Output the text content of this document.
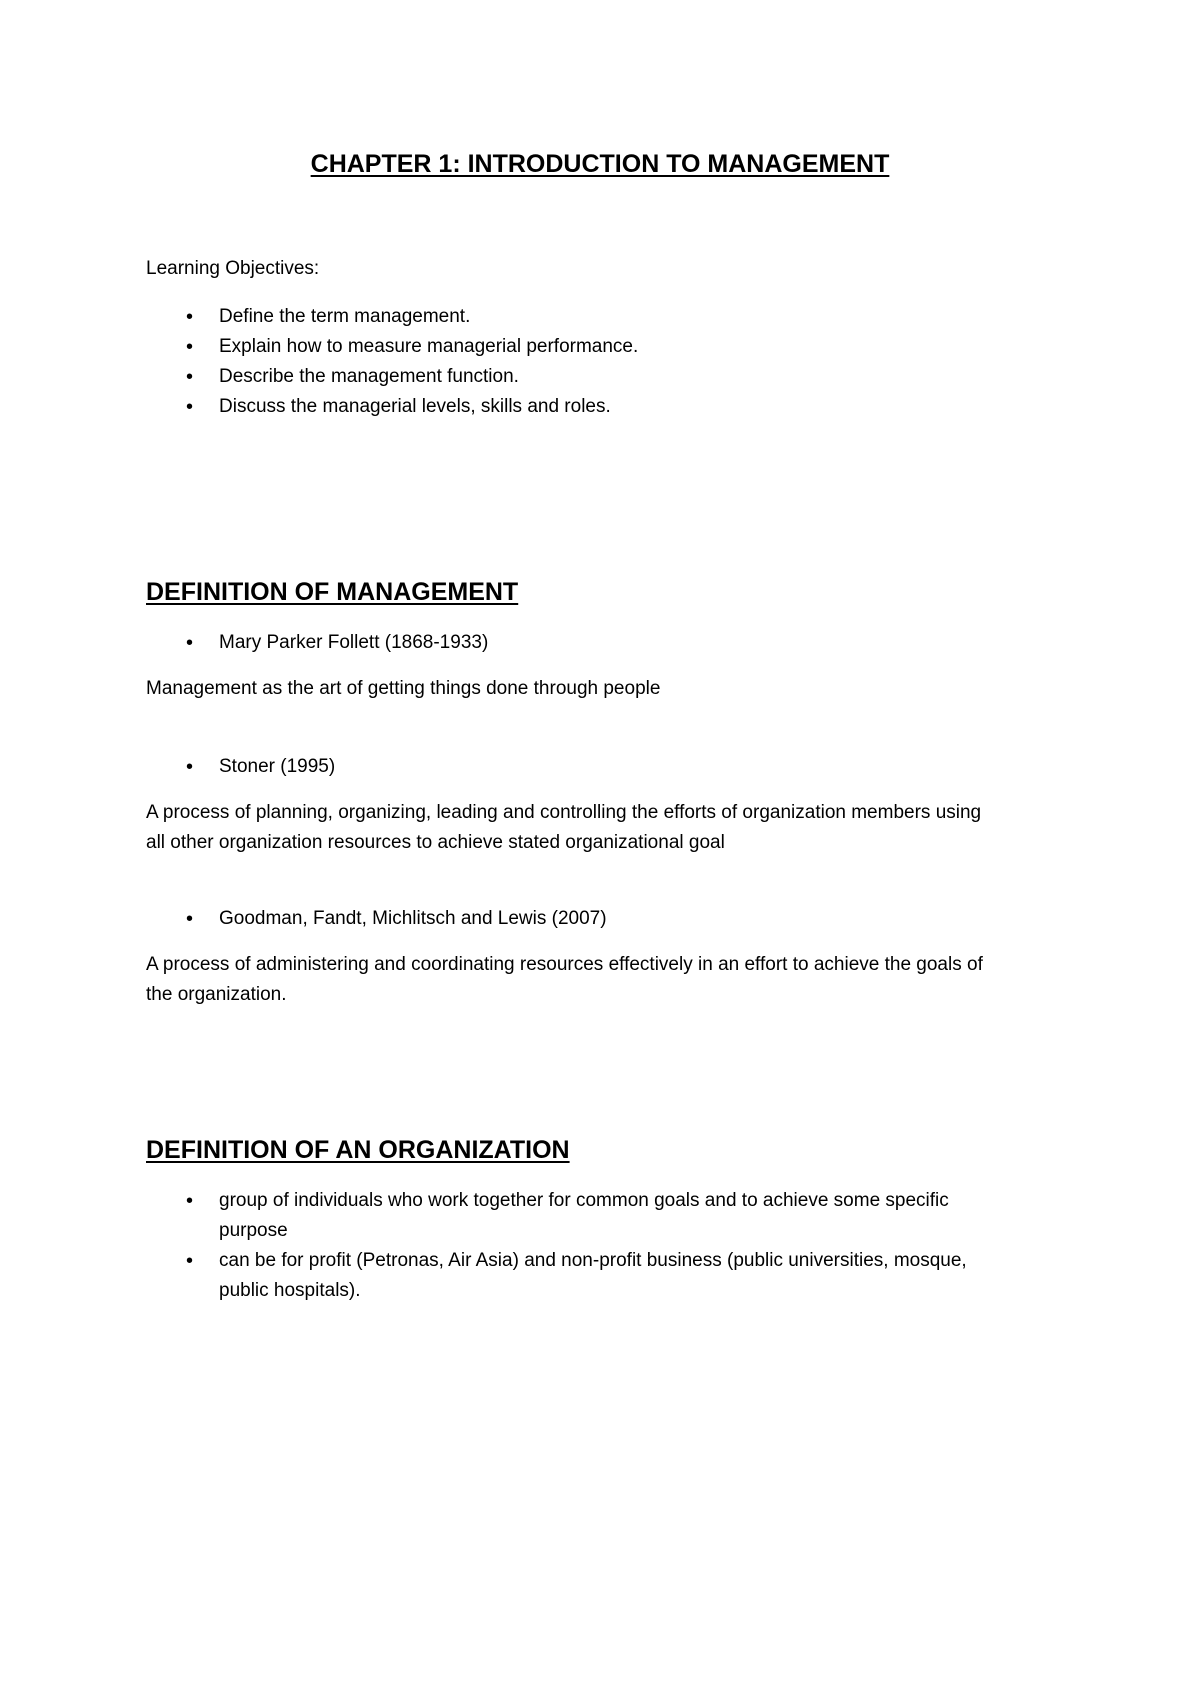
CHAPTER 1: INTRODUCTION TO MANAGEMENT
Learning Objectives:
• Define the term management.
• Explain how to measure managerial performance.
• Describe the management function.
• Discuss the managerial levels, skills and roles.
DEFINITION OF MANAGEMENT
• Mary Parker Follett (1868-1933)
Management as the art of getting things done through people
• Stoner (1995)
A process of planning, organizing, leading and controlling the efforts of organization members using
all other organization resources to achieve stated organizational goal
• Goodman, Fandt, Michlitsch and Lewis (2007)
A process of administering and coordinating resources effectively in an effort to achieve the goals of
the organization.
DEFINITION OF AN ORGANIZATION
• group of individuals who work together for common goals and to achieve some specific
purpose
• can be for profit (Petronas, Air Asia) and non-profit business (public universities, mosque,
public hospitals).
